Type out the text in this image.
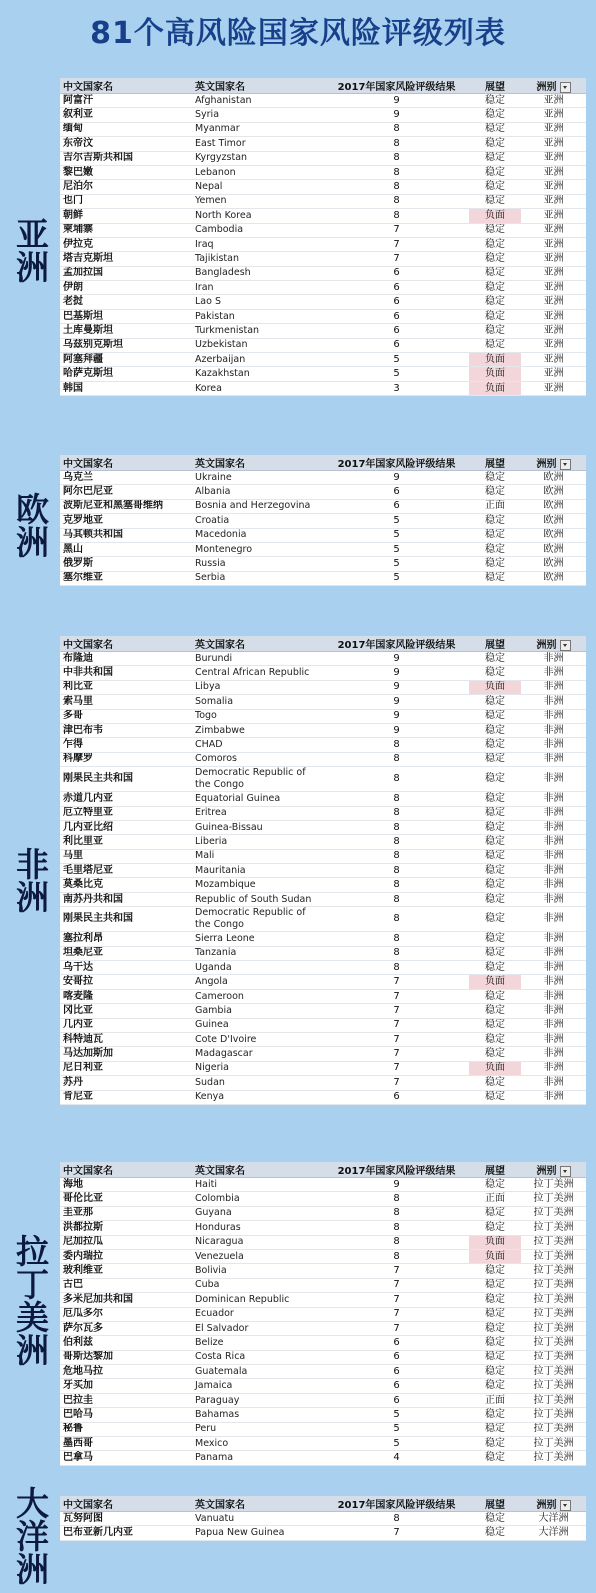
81个高风险国家风险评级列表
亚洲
中文国家名	英文国家名	2017年国家风险评级结果	展望	洲别
阿富汗	Afghanistan	9	稳定	亚洲
叙利亚	Syria	9	稳定	亚洲
缅甸	Myanmar	8	稳定	亚洲
东帝汶	East Timor	8	稳定	亚洲
吉尔吉斯共和国	Kyrgyzstan	8	稳定	亚洲
黎巴嫩	Lebanon	8	稳定	亚洲
尼泊尔	Nepal	8	稳定	亚洲
也门	Yemen	8	稳定	亚洲
朝鲜	North Korea	8	负面	亚洲
柬埔寨	Cambodia	7	稳定	亚洲
伊拉克	Iraq	7	稳定	亚洲
塔吉克斯坦	Tajikistan	7	稳定	亚洲
孟加拉国	Bangladesh	6	稳定	亚洲
伊朗	Iran	6	稳定	亚洲
老挝	Lao S	6	稳定	亚洲
巴基斯坦	Pakistan	6	稳定	亚洲
土库曼斯坦	Turkmenistan	6	稳定	亚洲
乌兹别克斯坦	Uzbekistan	6	稳定	亚洲
阿塞拜疆	Azerbaijan	5	负面	亚洲
哈萨克斯坦	Kazakhstan	5	负面	亚洲
韩国	Korea	3	负面	亚洲
欧洲
中文国家名	英文国家名	2017年国家风险评级结果	展望	洲别
乌克兰	Ukraine	9	稳定	欧洲
阿尔巴尼亚	Albania	6	稳定	欧洲
波斯尼亚和黑塞哥维纳	Bosnia and Herzegovina	6	正面	欧洲
克罗地亚	Croatia	5	稳定	欧洲
马其顿共和国	Macedonia	5	稳定	欧洲
黑山	Montenegro	5	稳定	欧洲
俄罗斯	Russia	5	稳定	欧洲
塞尔维亚	Serbia	5	稳定	欧洲
非洲
中文国家名	英文国家名	2017年国家风险评级结果	展望	洲别
布隆迪	Burundi	9	稳定	非洲
中非共和国	Central African Republic	9	稳定	非洲
利比亚	Libya	9	负面	非洲
索马里	Somalia	9	稳定	非洲
多哥	Togo	9	稳定	非洲
津巴布韦	Zimbabwe	9	稳定	非洲
乍得	CHAD	8	稳定	非洲
科摩罗	Comoros	8	稳定	非洲
刚果民主共和国	Democratic Republic of the Congo	8	稳定	非洲
赤道几内亚	Equatorial Guinea	8	稳定	非洲
厄立特里亚	Eritrea	8	稳定	非洲
几内亚比绍	Guinea-Bissau	8	稳定	非洲
利比里亚	Liberia	8	稳定	非洲
马里	Mali	8	稳定	非洲
毛里塔尼亚	Mauritania	8	稳定	非洲
莫桑比克	Mozambique	8	稳定	非洲
南苏丹共和国	Republic of South Sudan	8	稳定	非洲
刚果民主共和国	Democratic Republic of the Congo	8	稳定	非洲
塞拉利昂	Sierra Leone	8	稳定	非洲
坦桑尼亚	Tanzania	8	稳定	非洲
乌干达	Uganda	8	稳定	非洲
安哥拉	Angola	7	负面	非洲
喀麦隆	Cameroon	7	稳定	非洲
冈比亚	Gambia	7	稳定	非洲
几内亚	Guinea	7	稳定	非洲
科特迪瓦	Cote D'Ivoire	7	稳定	非洲
马达加斯加	Madagascar	7	稳定	非洲
尼日利亚	Nigeria	7	负面	非洲
苏丹	Sudan	7	稳定	非洲
肯尼亚	Kenya	6	稳定	非洲
拉丁美洲
中文国家名	英文国家名	2017年国家风险评级结果	展望	洲别
海地	Haiti	9	稳定	拉丁美洲
哥伦比亚	Colombia	8	正面	拉丁美洲
圭亚那	Guyana	8	稳定	拉丁美洲
洪都拉斯	Honduras	8	稳定	拉丁美洲
尼加拉瓜	Nicaragua	8	负面	拉丁美洲
委内瑞拉	Venezuela	8	负面	拉丁美洲
玻利维亚	Bolivia	7	稳定	拉丁美洲
古巴	Cuba	7	稳定	拉丁美洲
多米尼加共和国	Dominican Republic	7	稳定	拉丁美洲
厄瓜多尔	Ecuador	7	稳定	拉丁美洲
萨尔瓦多	El Salvador	7	稳定	拉丁美洲
伯利兹	Belize	6	稳定	拉丁美洲
哥斯达黎加	Costa Rica	6	稳定	拉丁美洲
危地马拉	Guatemala	6	稳定	拉丁美洲
牙买加	Jamaica	6	稳定	拉丁美洲
巴拉圭	Paraguay	6	正面	拉丁美洲
巴哈马	Bahamas	5	稳定	拉丁美洲
秘鲁	Peru	5	稳定	拉丁美洲
墨西哥	Mexico	5	稳定	拉丁美洲
巴拿马	Panama	4	稳定	拉丁美洲
大洋洲 中文国家名	英文国家名	2017年国家风险评级结果	展望	洲别
瓦努阿图	Vanuatu	8	稳定	大洋洲
巴布亚新几内亚	Papua New Guinea	7	稳定	大洋洲
